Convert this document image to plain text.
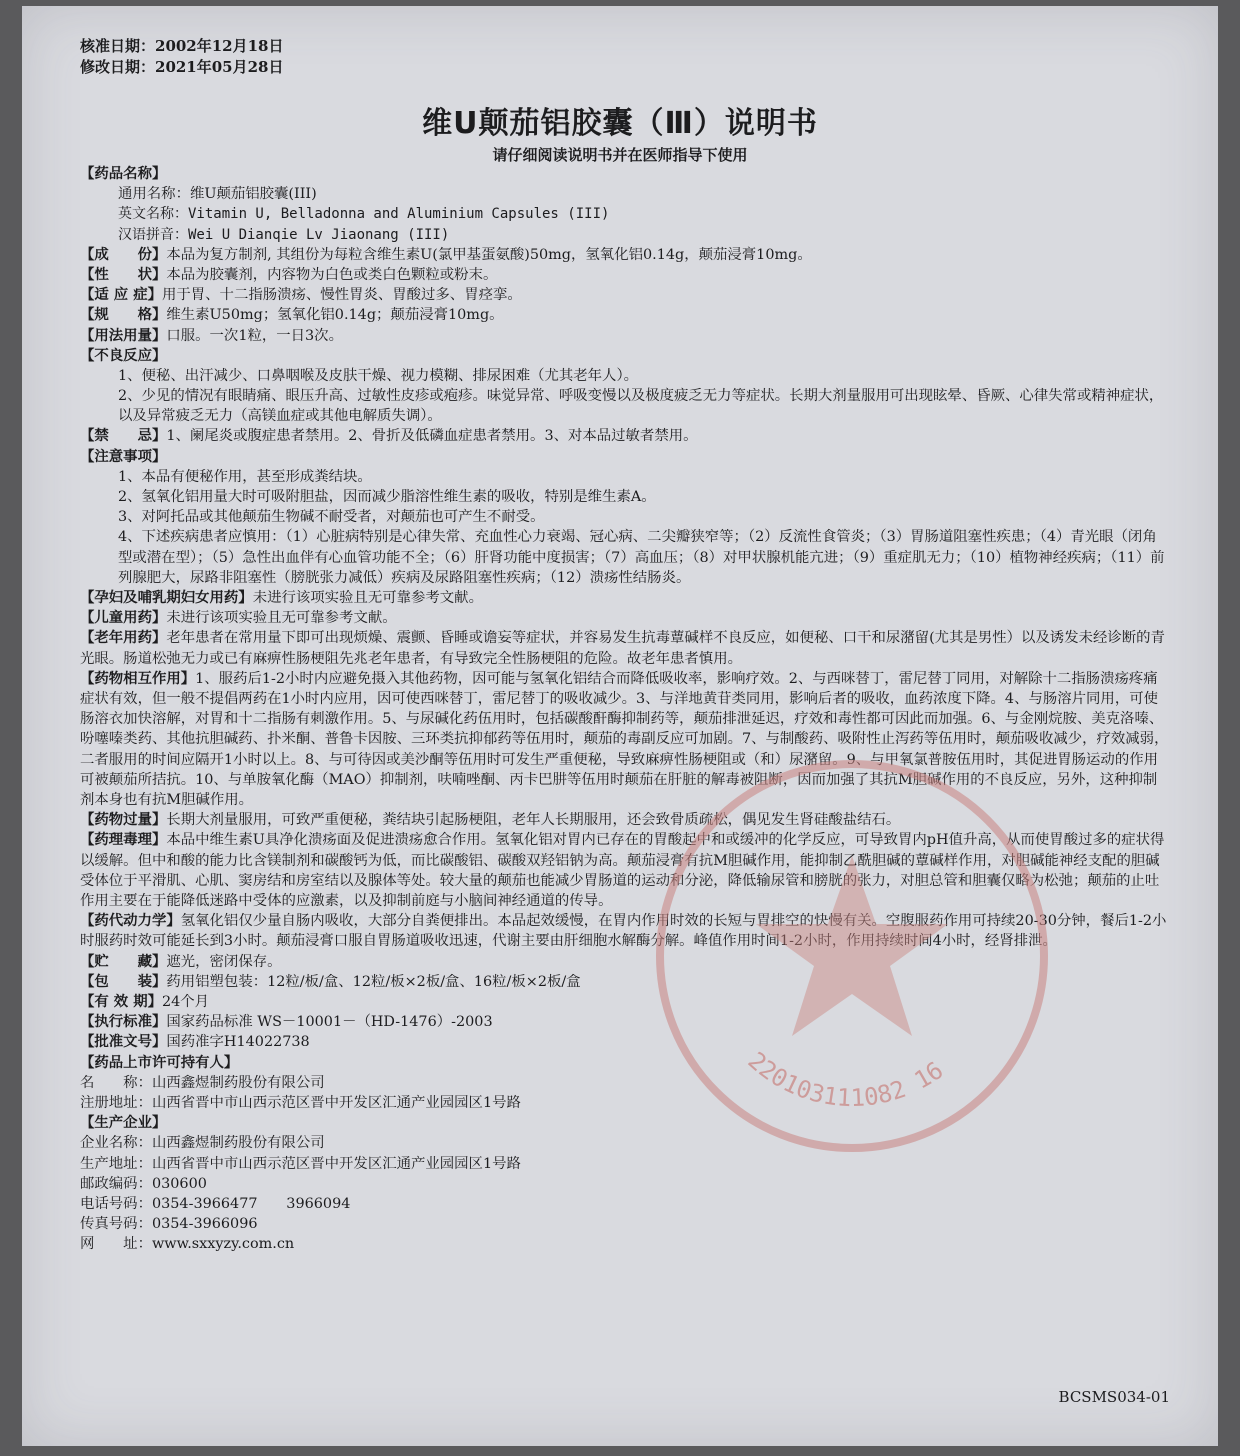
核准日期：2002年12月18日
修改日期：2021年05月28日
维U颠茄铝胶囊（Ⅲ）说明书
请仔细阅读说明书并在医师指导下使用
【药品名称】
通用名称：维U颠茄铝胶囊(III)
英文名称：Vitamin U, Belladonna and Aluminium Capsules (III)
汉语拼音：Wei U Dianqie Lv Jiaonang (III)
【成　　份】本品为复方制剂, 其组份为每粒含维生素U(氯甲基蛋氨酸)50mg，氢氧化铝0.14g，颠茄浸膏10mg。
【性　　状】本品为胶囊剂，内容物为白色或类白色颗粒或粉末。
【适 应 症】用于胃、十二指肠溃疡、慢性胃炎、胃酸过多、胃痉挛。
【规　　格】维生素U50mg；氢氧化铝0.14g；颠茄浸膏10mg。
【用法用量】口服。一次1粒，一日3次。
【不良反应】
1、便秘、出汗减少、口鼻咽喉及皮肤干燥、视力模糊、排尿困难（尤其老年人）。
2、少见的情况有眼睛痛、眼压升高、过敏性皮疹或疱疹。味觉异常、呼吸变慢以及极度疲乏无力等症状。长期大剂量服用可出现眩晕、昏厥、心律失常或精神症状，以及异常疲乏无力（高镁血症或其他电解质失调）。
【禁　　忌】1、阑尾炎或腹症患者禁用。2、骨折及低磷血症患者禁用。3、对本品过敏者禁用。
【注意事项】
1、本品有便秘作用，甚至形成粪结块。
2、氢氧化铝用量大时可吸附胆盐，因而减少脂溶性维生素的吸收，特别是维生素A。
3、对阿托品或其他颠茄生物碱不耐受者，对颠茄也可产生不耐受。
4、下述疾病患者应慎用：（1）心脏病特别是心律失常、充血性心力衰竭、冠心病、二尖瓣狭窄等；（2）反流性食管炎；（3）胃肠道阻塞性疾患；（4）青光眼（闭角型或潜在型）；（5）急性出血伴有心血管功能不全；（6）肝肾功能中度损害；（7）高血压；（8）对甲状腺机能亢进；（9）重症肌无力；（10）植物神经疾病；（11）前列腺肥大，尿路非阻塞性（膀胱张力减低）疾病及尿路阻塞性疾病；（12）溃疡性结肠炎。
【孕妇及哺乳期妇女用药】未进行该项实验且无可靠参考文献。
【儿童用药】未进行该项实验且无可靠参考文献。
【老年用药】老年患者在常用量下即可出现烦燥、震颤、昏睡或谵妄等症状，并容易发生抗毒蕈碱样不良反应，如便秘、口干和尿潴留(尤其是男性）以及诱发未经诊断的青光眼。肠道松弛无力或已有麻痹性肠梗阻先兆老年患者，有导致完全性肠梗阻的危险。故老年患者慎用。
【药物相互作用】1、服药后1-2小时内应避免摄入其他药物，因可能与氢氧化铝结合而降低吸收率，影响疗效。2、与西咪替丁，雷尼替丁同用，对解除十二指肠溃疡疼痛症状有效，但一般不提倡两药在1小时内应用，因可使西咪替丁，雷尼替丁的吸收减少。3、与洋地黄苷类同用，影响后者的吸收，血药浓度下降。4、与肠溶片同用，可使肠溶衣加快溶解，对胃和十二指肠有刺激作用。5、与尿碱化药伍用时，包括碳酸酐酶抑制药等，颠茄排泄延迟，疗效和毒性都可因此而加强。6、与金刚烷胺、美克洛嗪、吩噻嗪类药、其他抗胆碱药、扑米酮、普鲁卡因胺、三环类抗抑郁药等伍用时，颠茄的毒副反应可加剧。7、与制酸药、吸附性止泻药等伍用时，颠茄吸收减少，疗效减弱，二者服用的时间应隔开1小时以上。8、与可待因或美沙酮等伍用时可发生严重便秘，导致麻痹性肠梗阻或（和）尿潴留。9、与甲氧氯普胺伍用时，其促进胃肠运动的作用可被颠茄所拮抗。10、与单胺氧化酶（MAO）抑制剂，呋喃唑酮、丙卡巴肼等伍用时颠茄在肝脏的解毒被阻断，因而加强了其抗M胆碱作用的不良反应，另外，这种抑制剂本身也有抗M胆碱作用。
【药物过量】长期大剂量服用，可致严重便秘，粪结块引起肠梗阻，老年人长期服用，还会致骨质疏松，偶见发生肾硅酸盐结石。
【药理毒理】本品中维生素U具净化溃疡面及促进溃疡愈合作用。氢氧化铝对胃内已存在的胃酸起中和或缓冲的化学反应，可导致胃内pH值升高，从而使胃酸过多的症状得以缓解。但中和酸的能力比含镁制剂和碳酸钙为低，而比碳酸铝、碳酸双羟铝钠为高。颠茄浸膏有抗M胆碱作用，能抑制乙酰胆碱的蕈碱样作用，对胆碱能神经支配的胆碱受体位于平滑肌、心肌、窦房结和房室结以及腺体等处。较大量的颠茄也能减少胃肠道的运动和分泌，降低输尿管和膀胱的张力，对胆总管和胆囊仅略为松弛；颠茄的止吐作用主要在于能降低迷路中受体的应激素，以及抑制前庭与小脑间神经通道的传导。
【药代动力学】氢氧化铝仅少量自肠内吸收，大部分自粪便排出。本品起效缓慢，在胃内作用时效的长短与胃排空的快慢有关。空腹服药作用可持续20-30分钟，餐后1-2小时服药时效可能延长到3小时。颠茄浸膏口服自胃肠道吸收迅速，代谢主要由肝细胞水解酶分解。峰值作用时间1-2小时，作用持续时间4小时，经肾排泄。
【贮　　藏】遮光，密闭保存。
【包　　装】药用铝塑包装：12粒/板/盒、12粒/板×2板/盒、16粒/板×2板/盒
【有 效 期】24个月
【执行标准】国家药品标准 WS－10001－（HD-1476）-2003
【批准文号】国药准字H14022738
【药品上市许可持有人】
名　　称：山西鑫煜制药股份有限公司
注册地址：山西省晋中市山西示范区晋中开发区汇通产业园园区1号路
【生产企业】
企业名称：山西鑫煜制药股份有限公司
生产地址：山西省晋中市山西示范区晋中开发区汇通产业园园区1号路
邮政编码：030600
电话号码：0354-3966477　　3966094
传真号码：0354-3966096
网　　址：www.sxxyzy.com.cn
220103111082 16
BCSMS034-01
